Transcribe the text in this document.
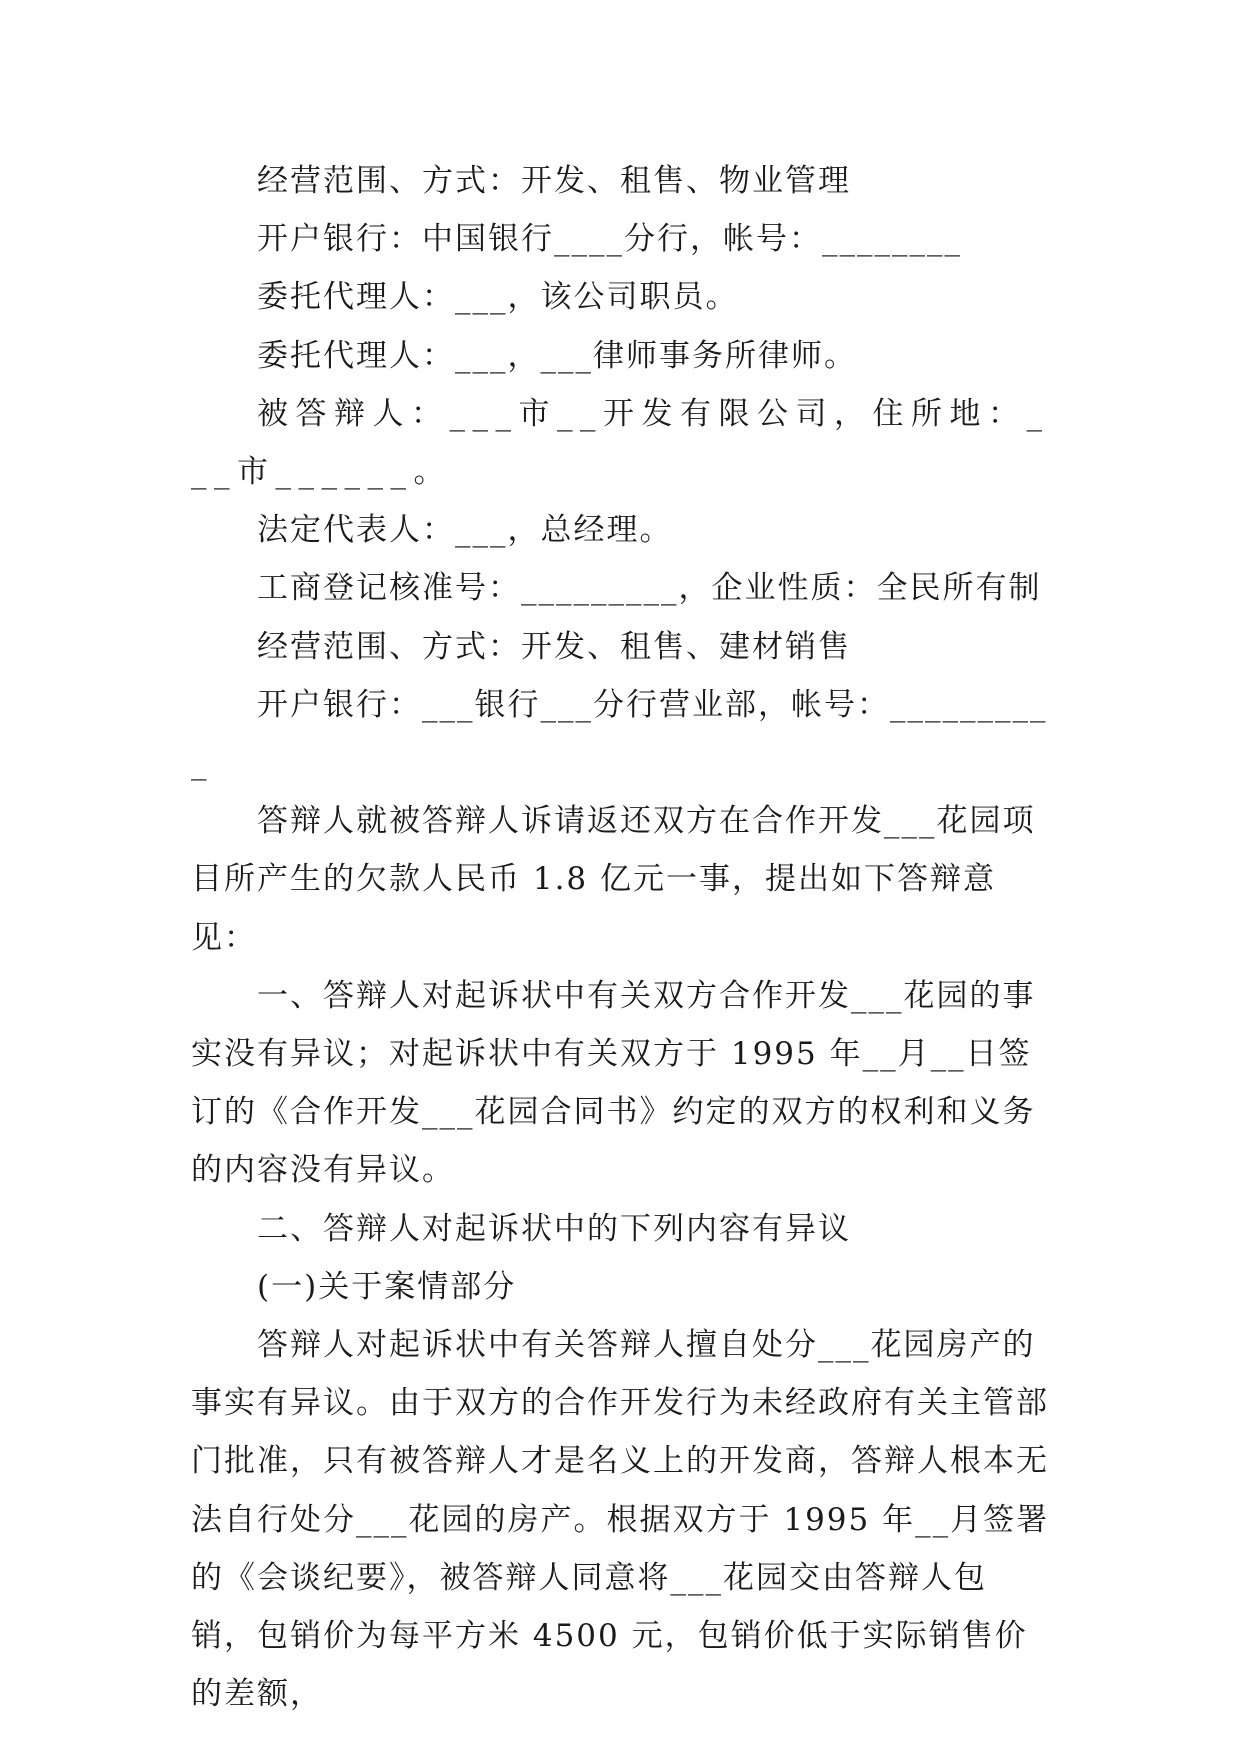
经营范围、方式：开发、租售、物业管理

开户银行：中国银行____分行，帐号：________

委托代理人：___，该公司职员。

委托代理人：___，___律师事务所律师。

被答辩人：___市__开发有限公司，住所地：___市______。

法定代表人：___，总经理。

工商登记核准号：_________，企业性质：全民所有制

经营范围、方式：开发、租售、建材销售

开户银行：___银行___分行营业部，帐号：__________

答辩人就被答辩人诉请返还双方在合作开发___花园项目所产生的欠款人民币 1.8 亿元一事，提出如下答辩意见：

一、答辩人对起诉状中有关双方合作开发___花园的事实没有异议；对起诉状中有关双方于 1995 年__月__日签订的《合作开发___花园合同书》约定的双方的权利和义务的内容没有异议。

二、答辩人对起诉状中的下列内容有异议

(一)关于案情部分

答辩人对起诉状中有关答辩人擅自处分___花园房产的事实有异议。由于双方的合作开发行为未经政府有关主管部门批准，只有被答辩人才是名义上的开发商，答辩人根本无法自行处分___花园的房产。根据双方于 1995 年__月签署的《会谈纪要》，被答辩人同意将___花园交由答辩人包销，包销价为每平方米 4500 元，包销价低于实际销售价的差额，
